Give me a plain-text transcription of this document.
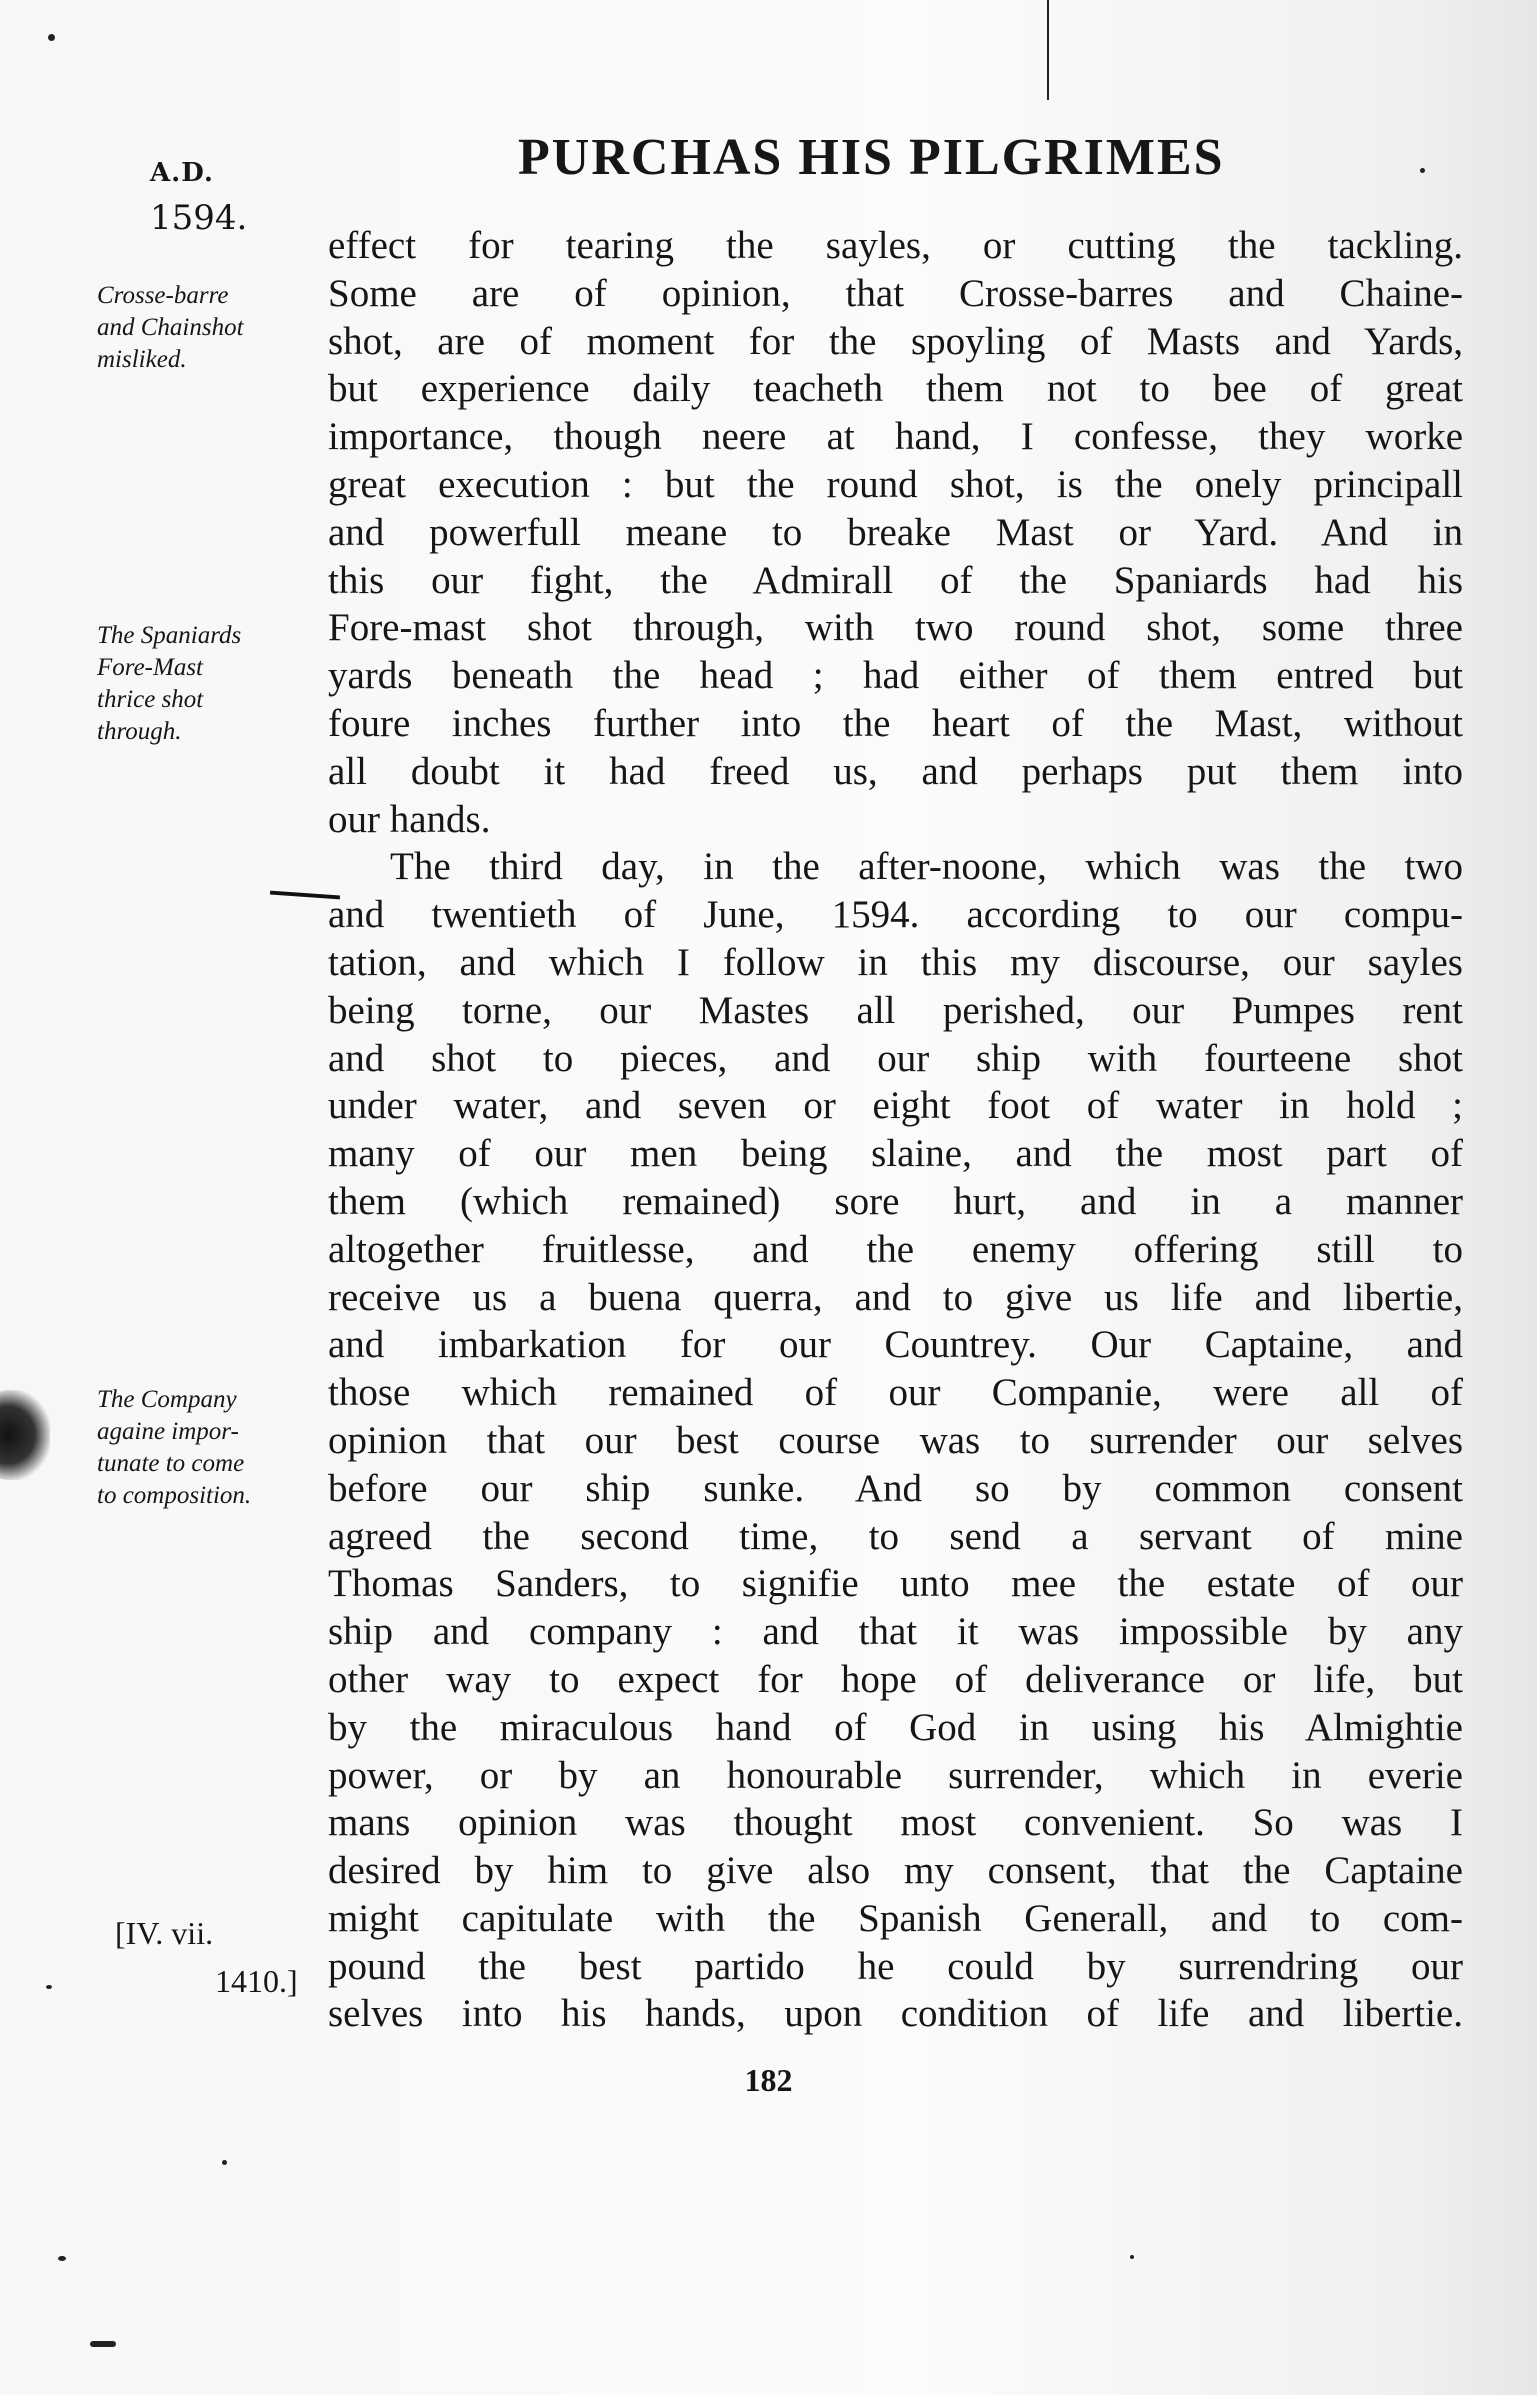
A.D.
1594.
PURCHAS HIS PILGRIMES
Crosse-barre
and Chainshot
misliked.
The Spaniards
Fore-Mast
thrice shot
through.
The Company
againe impor-
tunate to come
to composition.
[IV. vii.
1410.]
effect for tearing the sayles, or cutting the tackling.
Some are of opinion, that Crosse-barres and Chaine-
shot, are of moment for the spoyling of Masts and Yards,
but experience daily teacheth them not to bee of great
importance, though neere at hand, I confesse, they worke
great execution : but the round shot, is the onely principall
and powerfull meane to breake Mast or Yard. And in
this our fight, the Admirall of the Spaniards had his
Fore-mast shot through, with two round shot, some three
yards beneath the head ; had either of them entred but
foure inches further into the heart of the Mast, without
all doubt it had freed us, and perhaps put them into
our hands.
The third day, in the after-noone, which was the two
and twentieth of June, 1594. according to our compu-
tation, and which I follow in this my discourse, our sayles
being torne, our Mastes all perished, our Pumpes rent
and shot to pieces, and our ship with fourteene shot
under water, and seven or eight foot of water in hold ;
many of our men being slaine, and the most part of
them (which remained) sore hurt, and in a manner
altogether fruitlesse, and the enemy offering still to
receive us a buena querra, and to give us life and libertie,
and imbarkation for our Countrey. Our Captaine, and
those which remained of our Companie, were all of
opinion that our best course was to surrender our selves
before our ship sunke. And so by common consent
agreed the second time, to send a servant of mine
Thomas Sanders, to signifie unto mee the estate of our
ship and company : and that it was impossible by any
other way to expect for hope of deliverance or life, but
by the miraculous hand of God in using his Almightie
power, or by an honourable surrender, which in everie
mans opinion was thought most convenient. So was I
desired by him to give also my consent, that the Captaine
might capitulate with the Spanish Generall, and to com-
pound the best partido he could by surrendring our
selves into his hands, upon condition of life and libertie.
182
